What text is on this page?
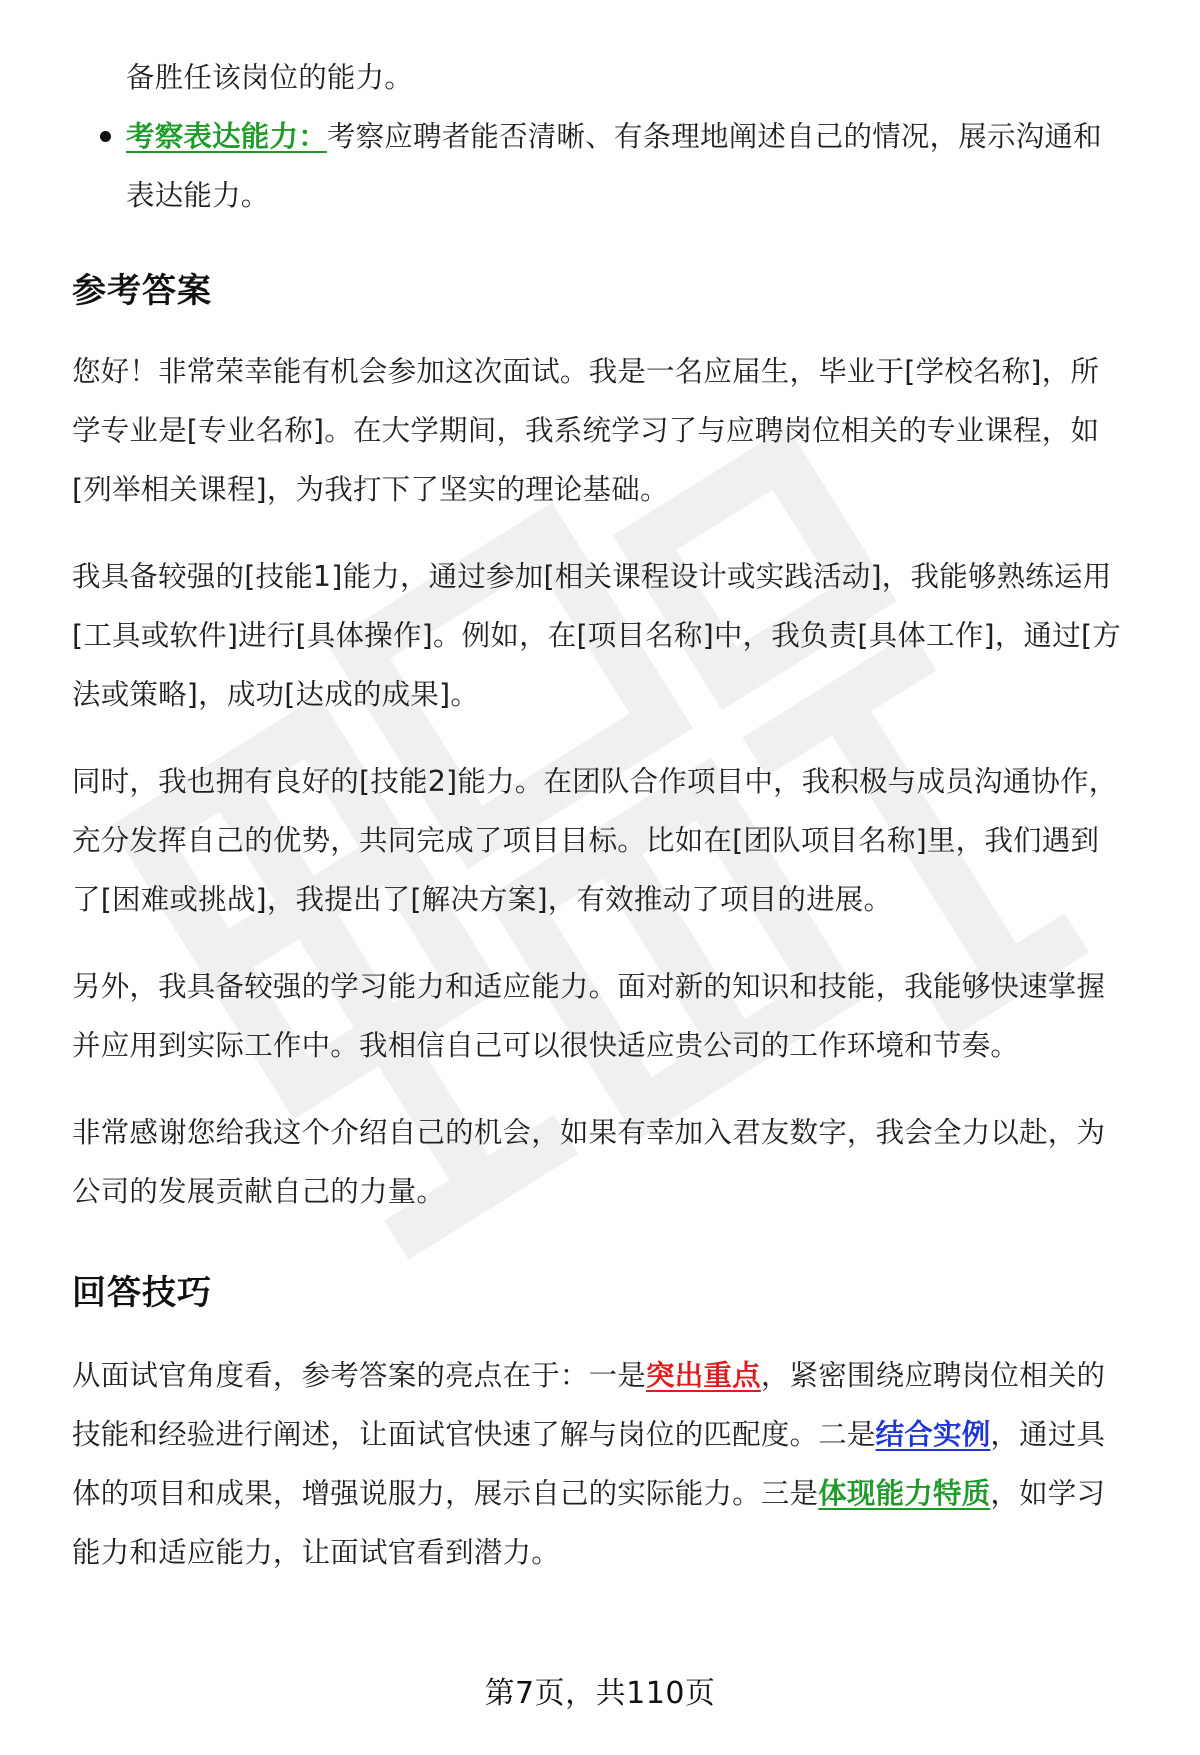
备胜任该岗位的能力。

考察表达能力：考察应聘者能否清晰、有条理地阐述自己的情况，展示沟通和
表达能力。
参考答案

您好！非常荣幸能有机会参加这次面试。我是一名应届生，毕业于[学校名称]，所

学专业是[专业名称]。在大学期间，我系统学习了与应聘岗位相关的专业课程，如

[列举相关课程]，为我打下了坚实的理论基础。

我具备较强的[技能1]能力，通过参加[相关课程设计或实践活动]，我能够熟练运用

[工具或软件]进行[具体操作]。例如，在[项目名称]中，我负责[具体工作]，通过[方

法或策略]，成功[达成的成果]。

同时，我也拥有良好的[技能2]能力。在团队合作项目中，我积极与成员沟通协作，

充分发挥自己的优势，共同完成了项目目标。比如在[团队项目名称]里，我们遇到

了[困难或挑战]，我提出了[解决方案]，有效推动了项目的进展。

另外，我具备较强的学习能力和适应能力。面对新的知识和技能，我能够快速掌握

并应用到实际工作中。我相信自己可以很快适应贵公司的工作环境和节奏。

非常感谢您给我这个介绍自己的机会，如果有幸加入君友数字，我会全力以赴，为

公司的发展贡献自己的力量。

回答技巧

从面试官角度看，参考答案的亮点在于：一是突出重点，紧密围绕应聘岗位相关的

技能和经验进行阐述，让面试官快速了解与岗位的匹配度。二是结合实例，通过具

体的项目和成果，增强说服力，展示自己的实际能力。三是体现能力特质，如学习

能力和适应能力，让面试官看到潜力。

第7页，共110页
